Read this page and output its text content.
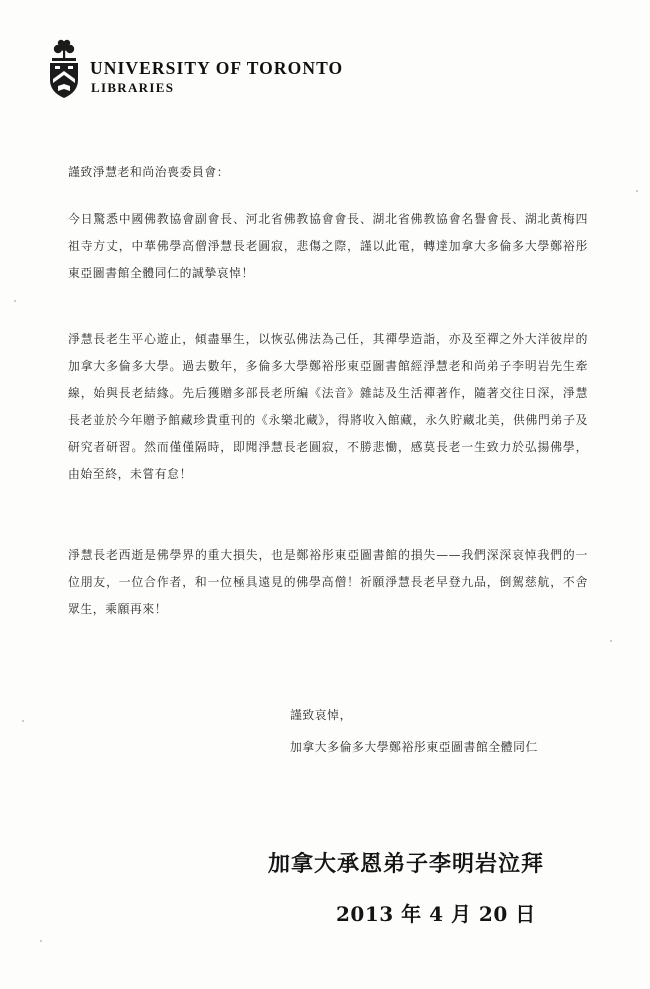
UNIVERSITY OF TORONTO
LIBRARIES
謹致淨慧老和尚治喪委員會：
今日驚悉中國佛教協會副會長、河北省佛教協會會長、湖北省佛教協會名譽會長、湖北黃梅四祖寺方丈，中華佛學高僧淨慧長老圓寂，悲傷之際，謹以此電，轉達加拿大多倫多大學鄭裕彤東亞圖書館全體同仁的誠摯哀悼！
淨慧長老生平心遊止，傾盡畢生，以恢弘佛法為己任，其禪學造詣，亦及至禪之外大洋彼岸的加拿大多倫多大學。過去數年，多倫多大學鄭裕彤東亞圖書館經淨慧老和尚弟子李明岩先生牽線，始與長老結緣。先后獲贈多部長老所編《法音》雜誌及生活禪著作，隨著交往日深，淨慧長老並於今年贈予館藏珍貴重刊的《永樂北藏》，得將收入館藏，永久貯藏北美，供佛門弟子及研究者研習。然而僅僅隔時，即聞淨慧長老圓寂，不勝悲慟，感莫長老一生致力於弘揚佛學，由始至終，未嘗有怠！
淨慧長老西逝是佛學界的重大損失，也是鄭裕彤東亞圖書館的損失——我們深深哀悼我們的一位朋友，一位合作者，和一位極具遠見的佛學高僧！祈願淨慧長老早登九品，倒駕慈航，不舍眾生，乘願再來！
謹致哀悼，
加拿大多倫多大學鄭裕彤東亞圖書館全體同仁
加拿大承恩弟子李明岩泣拜
2013 年 4 月 20 日
